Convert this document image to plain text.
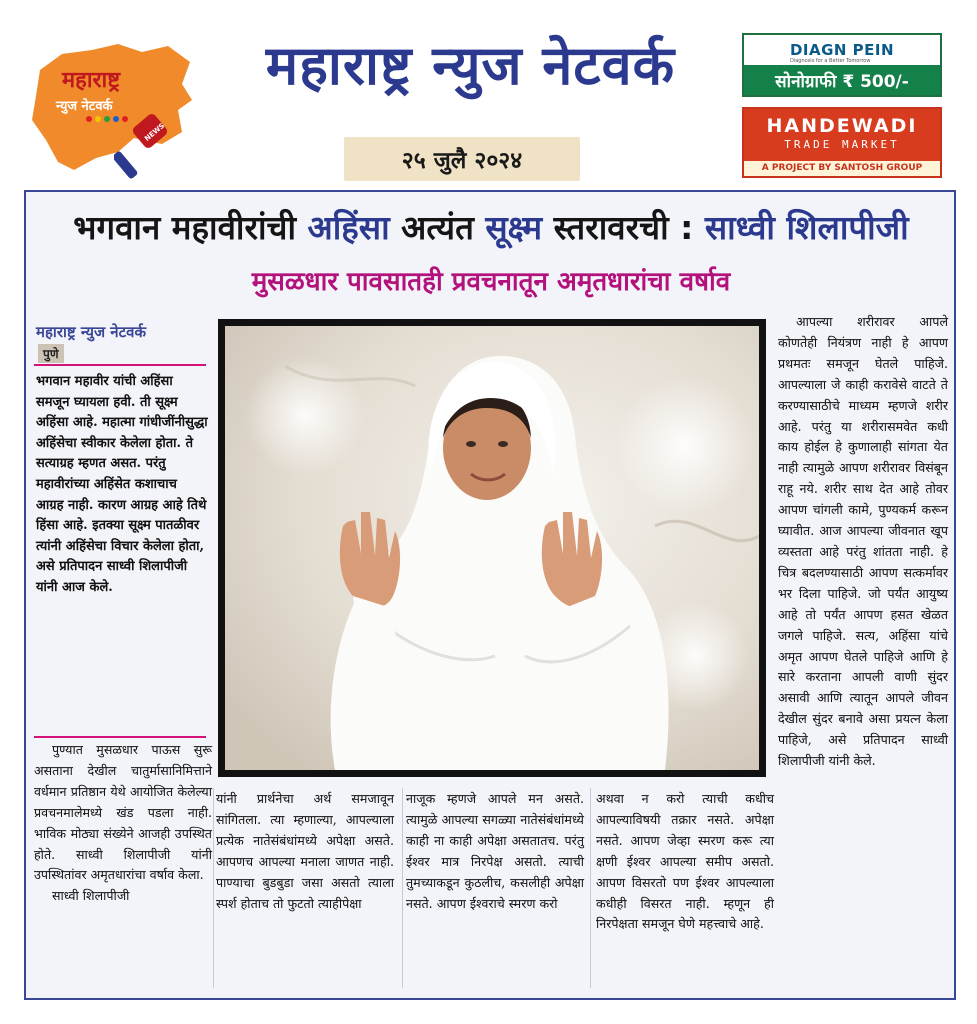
महाराष्ट्र
न्युज नेटवर्क
NEWS
महाराष्ट्र न्युज नेटवर्क
२५ जुलै २०२४
DIAGN PEIN
Diagnosis for a Better Tomorrow
सोनोग्राफी ₹ 500/-
HANDEWADI
TRADE MARKET
A PROJECT BY SANTOSH GROUP
भगवान महावीरांची अहिंसा अत्यंत सूक्ष्म स्तरावरची : साध्वी शिलापीजी
मुसळधार पावसातही प्रवचनातून अमृतधारांचा वर्षाव
महाराष्ट्र न्युज नेटवर्क
पुणे
भगवान महावीर यांची अहिंसा समजून घ्यायला हवी. ती सूक्ष्म अहिंसा आहे. महात्मा गांधीजींनीसुद्धा अहिंसेचा स्वीकार केलेला होता. ते सत्याग्रह म्हणत असत. परंतु महावीरांच्या अहिंसेत कशाचाच आग्रह नाही. कारण आग्रह आहे तिथे हिंसा आहे. इतक्या सूक्ष्म पातळीवर त्यांनी अहिंसेचा विचार केलेला होता, असे प्रतिपादन साध्वी शिलापीजी यांनी आज केले.

पुण्यात मुसळधार पाऊस सुरू असताना देखील चातुर्मासानिमित्ताने वर्धमान प्रतिष्ठान येथे आयोजित केलेल्या प्रवचनमालेमध्ये खंड पडला नाही. भाविक मोठ्या संख्येने आजही उपस्थित होते. साध्वी शिलापीजी यांनी उपस्थितांवर अमृतधारांचा वर्षाव केला.

साध्वी शिलापीजी

यांनी प्रार्थनेचा अर्थ समजावून सांगितला. त्या म्हणाल्या, आपल्याला प्रत्येक नातेसंबंधांमध्ये अपेक्षा असते. आपणच आपल्या मनाला जाणत नाही. पाण्याचा बुडबुडा जसा असतो त्याला स्पर्श होताच तो फुटतो त्याहीपेक्षा
नाजूक म्हणजे आपले मन असते. त्यामुळे आपल्या सगळ्या नातेसंबंधांमध्ये काही ना काही अपेक्षा असतातच. परंतु ईश्वर मात्र निरपेक्ष असतो. त्याची तुमच्याकडून कुठलीच, कसलीही अपेक्षा नसते. आपण ईश्वराचे स्मरण करो
अथवा न करो त्याची कधीच आपल्याविषयी तक्रार नसते. अपेक्षा नसते. आपण जेव्हा स्मरण करू त्या क्षणी ईश्वर आपल्या समीप असतो. आपण विसरतो पण ईश्वर आपल्याला कधीही विसरत नाही. म्हणून ही निरपेक्षता समजून घेणे महत्त्वाचे आहे.

आपल्या शरीरावर आपले कोणतेही नियंत्रण नाही हे आपण प्रथमतः समजून घेतले पाहिजे. आपल्याला जे काही करावेसे वाटते ते करण्यासाठीचे माध्यम म्हणजे शरीर आहे. परंतु या शरीरासमवेत कधी काय होईल हे कुणालाही सांगता येत नाही त्यामुळे आपण शरीरावर विसंबून राहू नये. शरीर साथ देत आहे तोवर आपण चांगली कामे, पुण्यकर्म करून घ्यावीत. आज आपल्या जीवनात खूप व्यस्तता आहे परंतु शांतता नाही. हे चित्र बदलण्यासाठी आपण सत्कर्मावर भर दिला पाहिजे. जो पर्यंत आयुष्य आहे तो पर्यंत आपण हसत खेळत जगले पाहिजे. सत्य, अहिंसा यांचे अमृत आपण घेतले पाहिजे आणि हे सारे करताना आपली वाणी सुंदर असावी आणि त्यातून आपले जीवन देखील सुंदर बनावे असा प्रयत्न केला पाहिजे, असे प्रतिपादन साध्वी शिलापीजी यांनी केले.
